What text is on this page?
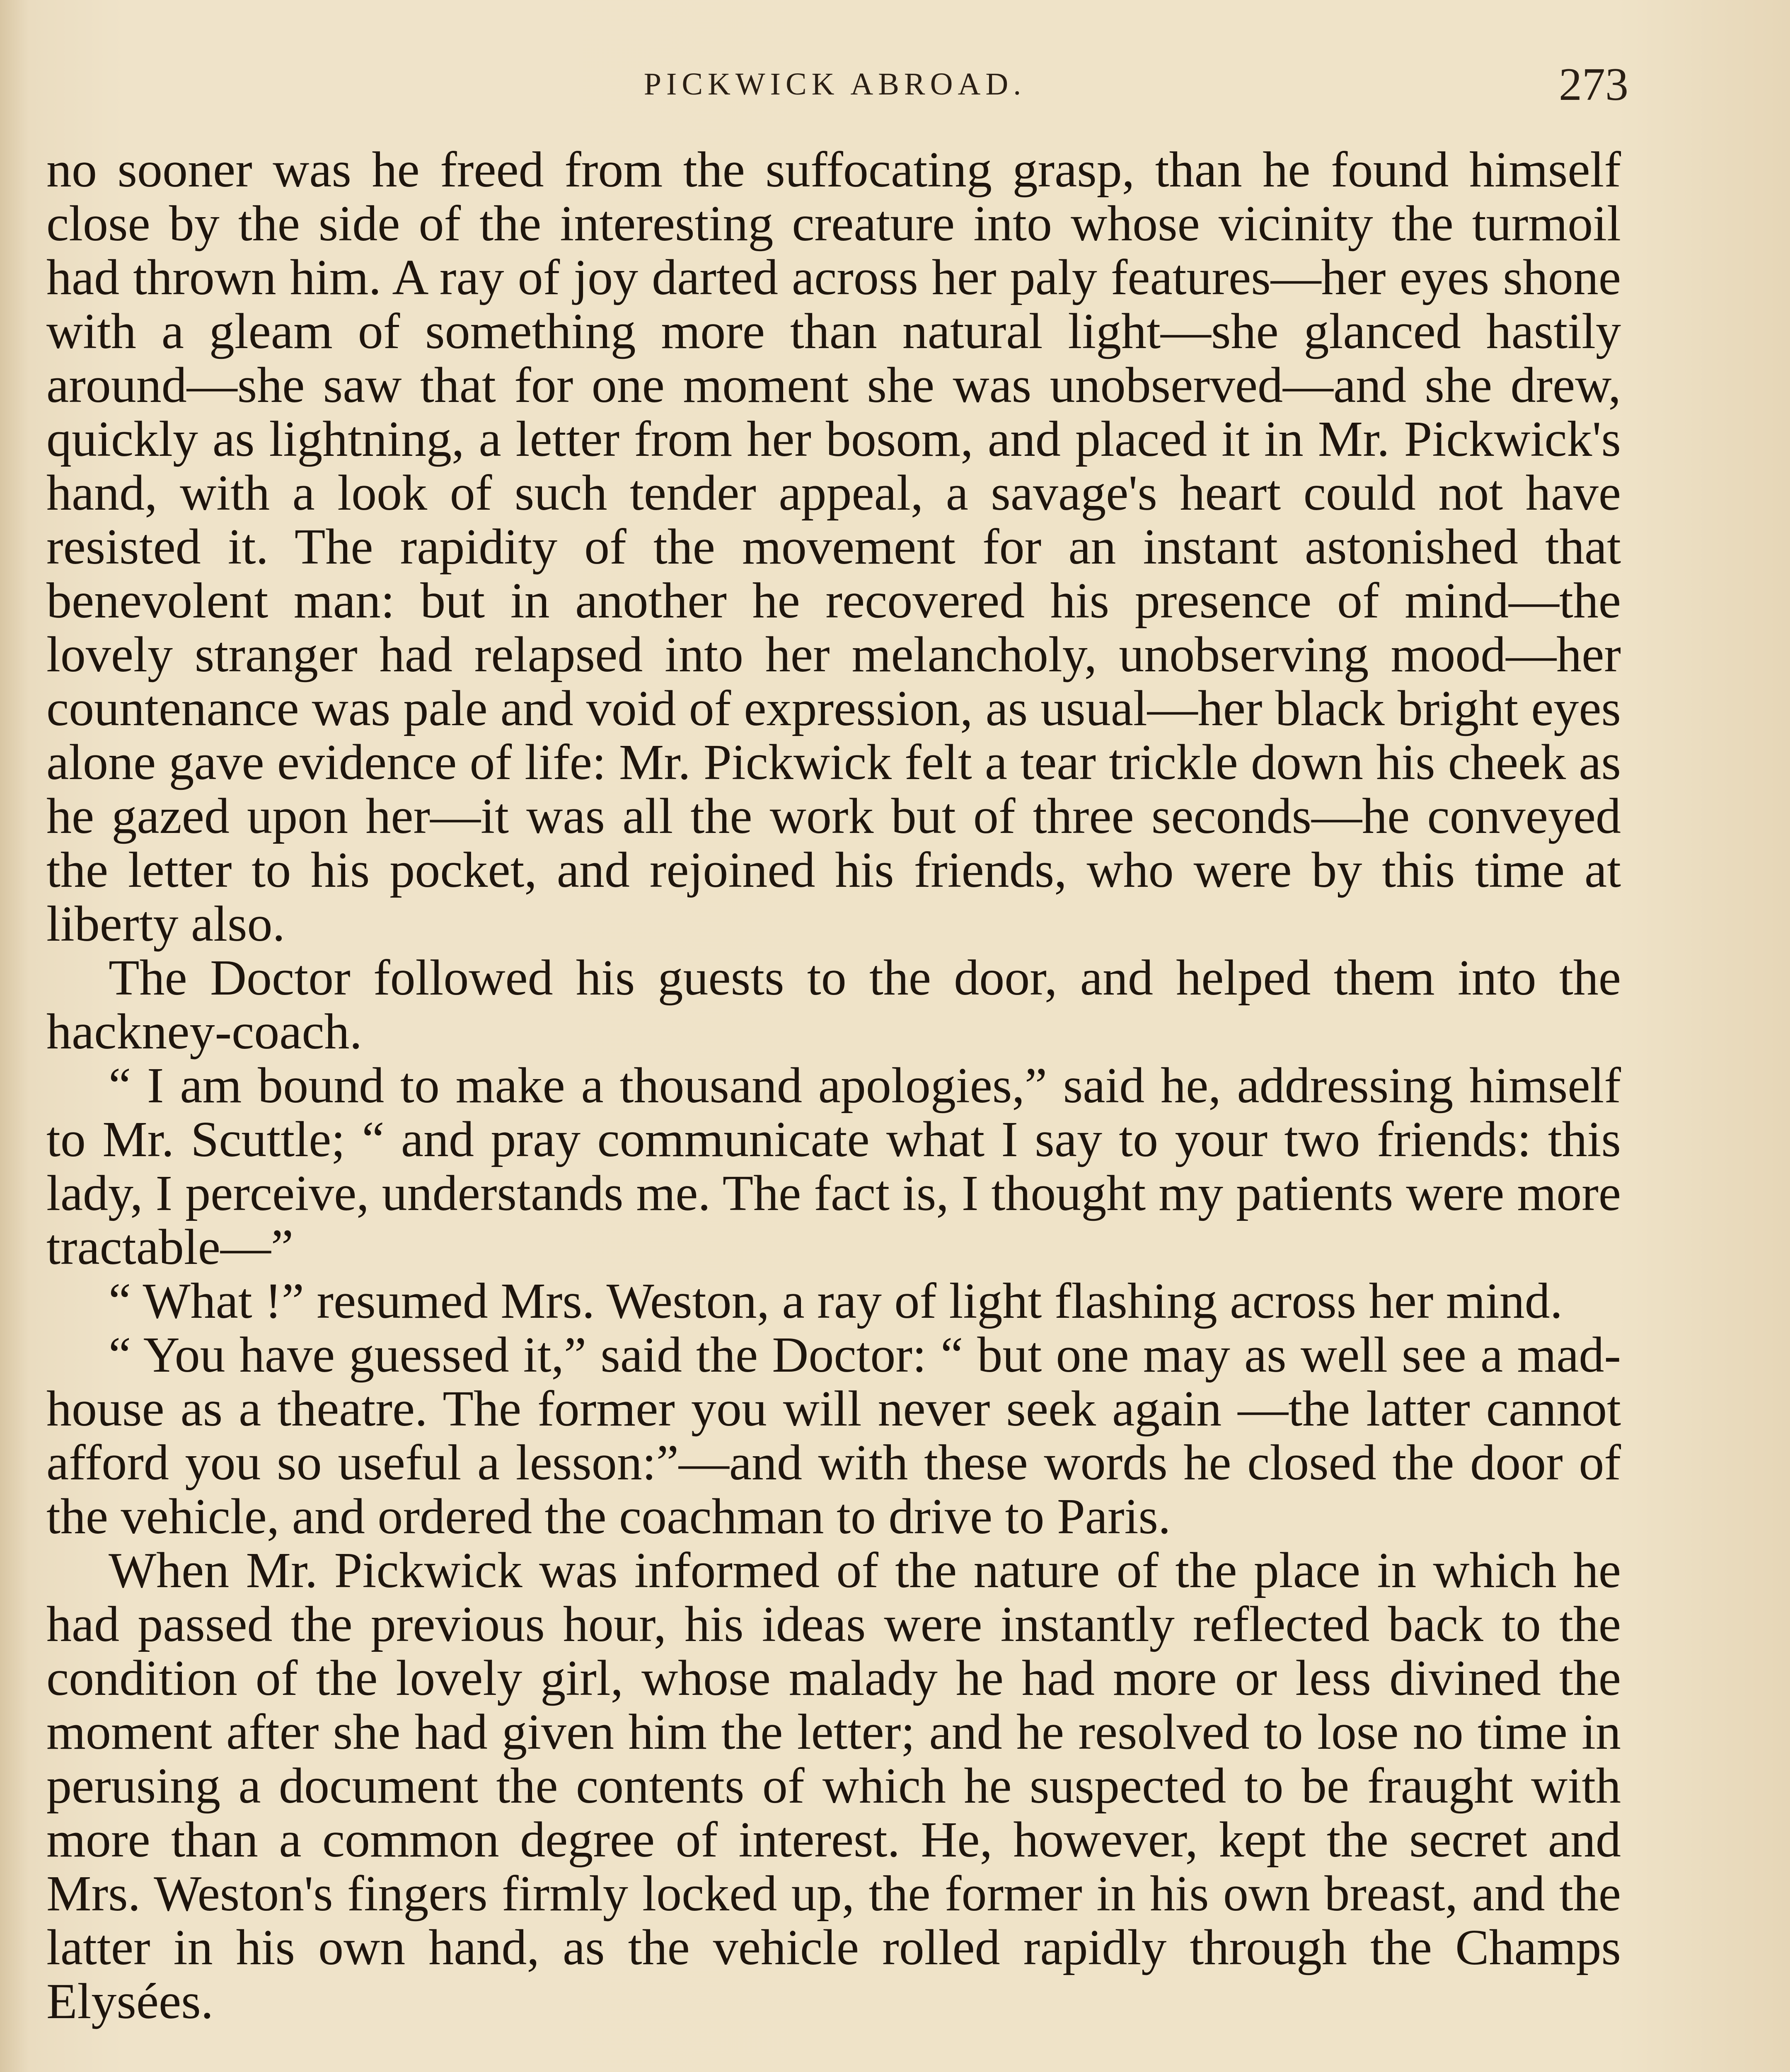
PICKWICK ABROAD.	273

no sooner was he freed from the suffocating grasp, than he found himself close by the side of the interesting creature into whose vicinity the turmoil had thrown him. A ray of joy darted across her paly features—her eyes shone with a gleam of something more than natural light—she glanced hastily around—she saw that for one moment she was unobserved—and she drew, quickly as lightning, a letter from her bosom, and placed it in Mr. Pickwick's hand, with a look of such tender appeal, a savage's heart could not have resisted it. The rapidity of the movement for an instant astonished that benevolent man: but in another he recovered his presence of mind—the lovely stranger had relapsed into her melancholy, unobserving mood—her countenance was pale and void of expression, as usual—her black bright eyes alone gave evidence of life: Mr. Pickwick felt a tear trickle down his cheek as he gazed upon her—it was all the work but of three seconds—he conveyed the letter to his pocket, and rejoined his friends, who were by this time at liberty also.

The Doctor followed his guests to the door, and helped them into the hackney-coach.

“ I am bound to make a thousand apologies,” said he, addressing himself to Mr. Scuttle; “ and pray communicate what I say to your two friends: this lady, I perceive, understands me. The fact is, I thought my patients were more tractable—”

“ What !” resumed Mrs. Weston, a ray of light flashing across her mind.

“ You have guessed it,” said the Doctor: “ but one may as well see a mad-house as a theatre. The former you will never seek again —the latter cannot afford you so useful a lesson:”—and with these words he closed the door of the vehicle, and ordered the coachman to drive to Paris.

When Mr. Pickwick was informed of the nature of the place in which he had passed the previous hour, his ideas were instantly reflected back to the condition of the lovely girl, whose malady he had more or less divined the moment after she had given him the letter; and he resolved to lose no time in perusing a document the contents of which he suspected to be fraught with more than a common degree of interest. He, however, kept the secret and Mrs. Weston's fingers firmly locked up, the former in his own breast, and the latter in his own hand, as the vehicle rolled rapidly through the Champs Elysées.
